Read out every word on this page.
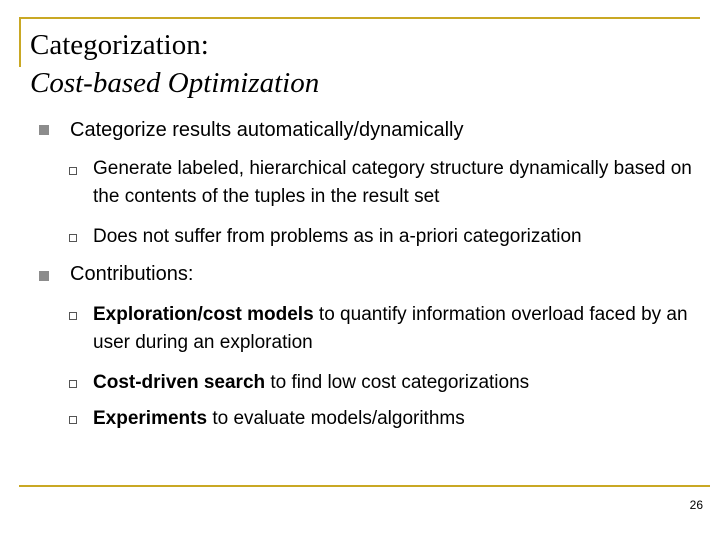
Categorization:
Cost-based Optimization
Categorize results automatically/dynamically
Generate labeled, hierarchical category structure dynamically based on the contents of the tuples in the result set
Does not suffer from problems as in a-priori categorization
Contributions:
Exploration/cost models to quantify information overload faced by an user during an exploration
Cost-driven search to find low cost categorizations
Experiments to evaluate models/algorithms
26
